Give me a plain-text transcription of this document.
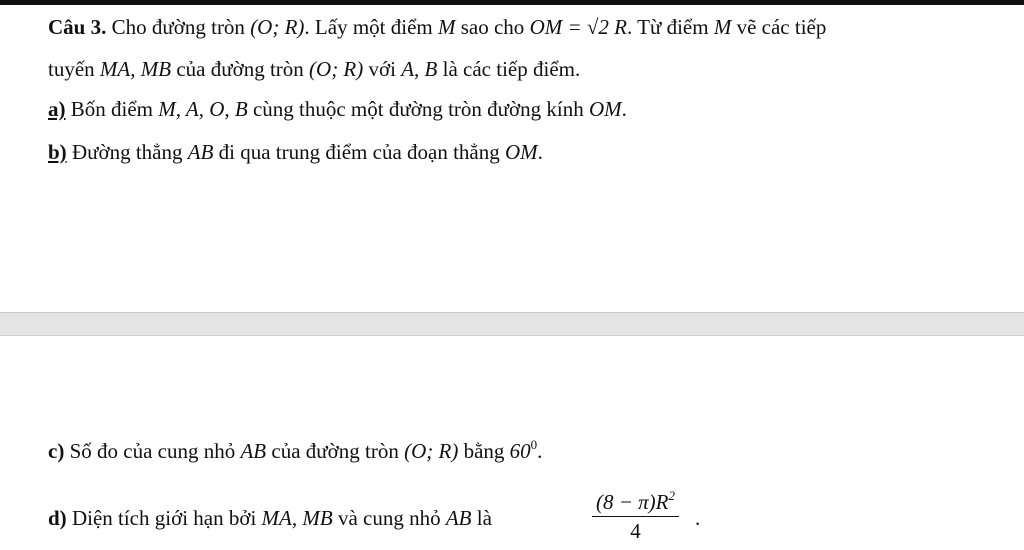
Câu 3. Cho đường tròn (O; R). Lấy một điểm M sao cho OM = √2 R. Từ điểm M vẽ các tiếp
tuyến MA, MB của đường tròn (O; R) với A, B là các tiếp điểm.
a) Bốn điểm M, A, O, B cùng thuộc một đường tròn đường kính OM.
b) Đường thẳng AB đi qua trung điểm của đoạn thẳng OM.
c) Số đo của cung nhỏ AB của đường tròn (O; R) bằng $60^0$.
d) Diện tích giới hạn bởi MA, MB và cung nhỏ AB là	$\frac{(8 - \pi)R^2}{4}$ .
